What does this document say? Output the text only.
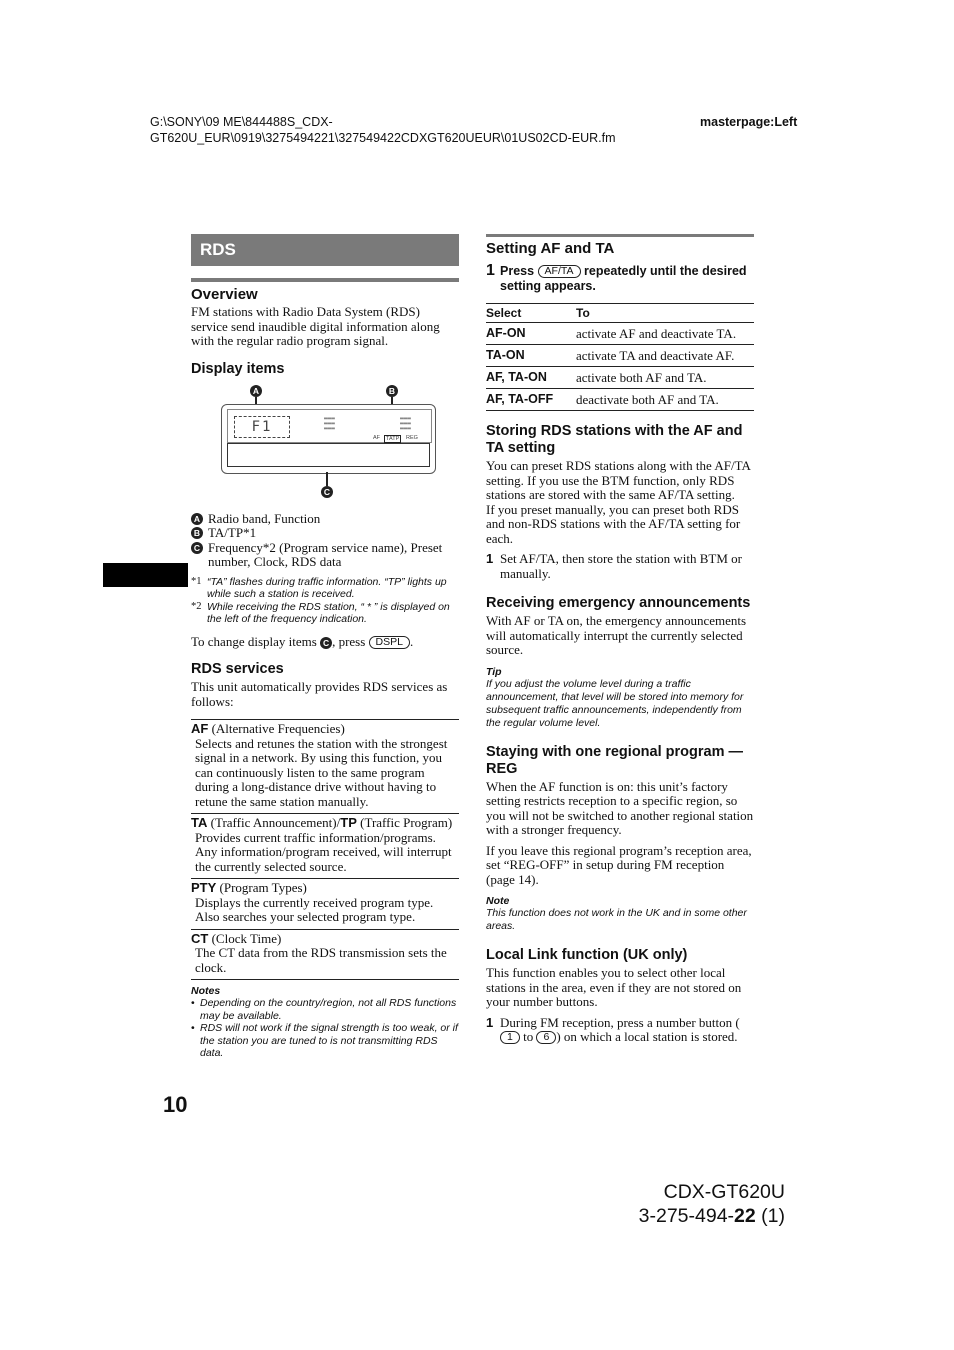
G:\SONY\09 ME\844488S_CDX-
GT620U_EUR\0919\3275494221\327549422CDXGT620UEUR\01US02CD-EUR.fm
masterpage:Left
RDS
Overview

FM stations with Radio Data System (RDS) service send inaudible digital information along with the regular radio program signal.

Display items
A	B
F1
▬▬▬
▬▬▬
▬▬▬
▬▬▬
▬▬▬
▬▬▬
AF	TATP	REG
C
A Radio band, Function
B TA/TP*1
C Frequency*2 (Program service name), Preset number, Clock, RDS data
*1 “TA” flashes during traffic information. “TP” lights up while such a station is received.
*2 While receiving the RDS station, “ * ” is displayed on the left of the frequency indication.

To change display items C , press DSPL .

RDS services

This unit automatically provides RDS services as follows:

AF (Alternative Frequencies)
Selects and retunes the station with the strongest signal in a network. By using this function, you can continuously listen to the same program during a long-distance drive without having to retune the same station manually.
TA (Traffic Announcement)/TP (Traffic Program)
Provides current traffic information/programs. Any information/program received, will interrupt the currently selected source.
PTY (Program Types)
Displays the currently received program type. Also searches your selected program type.
CT (Clock Time)
The CT data from the RDS transmission sets the clock.
Notes
• Depending on the country/region, not all RDS functions may be available.
• RDS will not work if the signal strength is too weak, or if the station you are tuned to is not transmitting RDS data.
Setting AF and TA
1 Press AF/TA repeatedly until the desired setting appears.
Select	To
AF-ON	activate AF and deactivate TA.
TA-ON	activate TA and deactivate AF.
AF, TA-ON	activate both AF and TA.
AF, TA-OFF	deactivate both AF and TA.
Storing RDS stations with the AF and TA setting

You can preset RDS stations along with the AF/TA setting. If you use the BTM function, only RDS stations are stored with the same AF/TA setting.

If you preset manually, you can preset both RDS and non-RDS stations with the AF/TA setting for each.

1 Set AF/TA, then store the station with BTM or manually.
Receiving emergency announcements

With AF or TA on, the emergency announcements will automatically interrupt the currently selected source.

Tip

If you adjust the volume level during a traffic announcement, that level will be stored into memory for subsequent traffic announcements, independently from the regular volume level.

Staying with one regional program — REG

When the AF function is on: this unit’s factory setting restricts reception to a specific region, so you will not be switched to another regional station with a stronger frequency.

If you leave this regional program’s reception area, set “REG-OFF” in setup during FM reception (page 14).

Note

This function does not work in the UK and in some other areas.

Local Link function (UK only)

This function enables you to select other local stations in the area, even if they are not stored on your number buttons.

1 During FM reception, press a number button (1 to 6 ) on which a local station is stored.
10
CDX-GT620U
3-275-494-22 (1)
